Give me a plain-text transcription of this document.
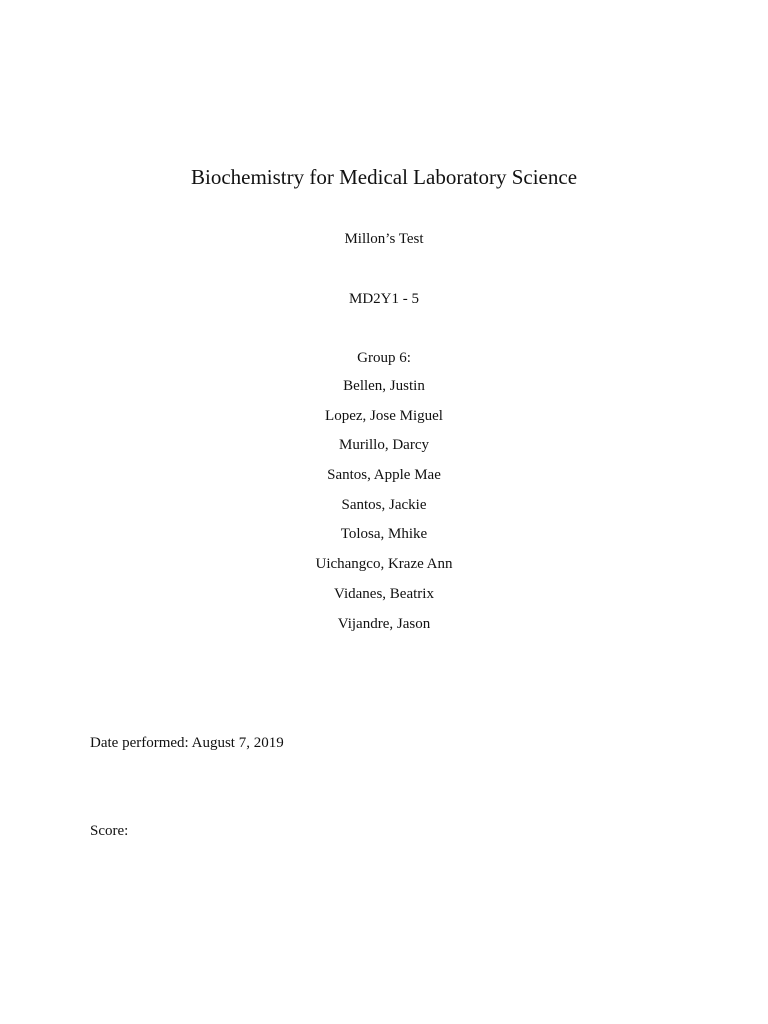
Biochemistry for Medical Laboratory Science
Millon’s Test
MD2Y1 - 5
Group 6:
Bellen, Justin
Lopez, Jose Miguel
Murillo, Darcy
Santos, Apple Mae
Santos, Jackie
Tolosa, Mhike
Uichangco, Kraze Ann
Vidanes, Beatrix
Vijandre, Jason
Date performed: August 7, 2019
Score:
